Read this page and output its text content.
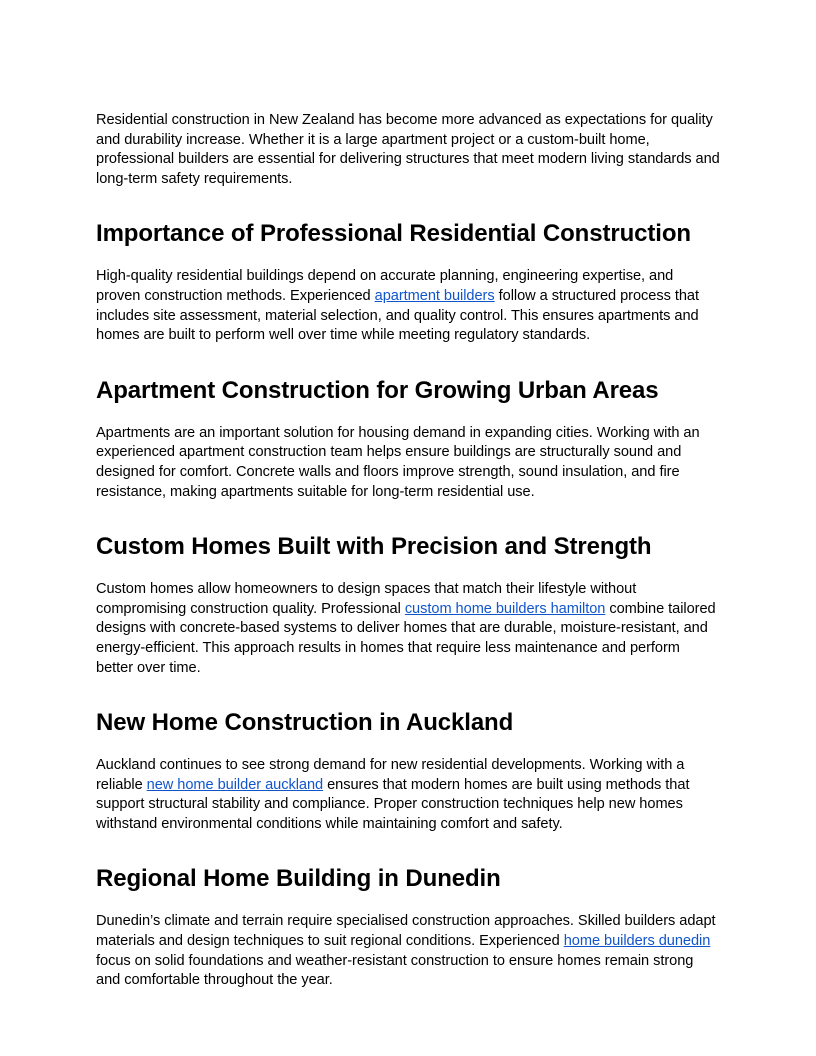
Residential construction in New Zealand has become more advanced as expectations for quality and durability increase. Whether it is a large apartment project or a custom-built home, professional builders are essential for delivering structures that meet modern living standards and long-term safety requirements.

Importance of Professional Residential Construction

High-quality residential buildings depend on accurate planning, engineering expertise, and proven construction methods. Experienced apartment builders follow a structured process that includes site assessment, material selection, and quality control. This ensures apartments and homes are built to perform well over time while meeting regulatory standards.

Apartment Construction for Growing Urban Areas

Apartments are an important solution for housing demand in expanding cities. Working with an experienced apartment construction team helps ensure buildings are structurally sound and designed for comfort. Concrete walls and floors improve strength, sound insulation, and fire resistance, making apartments suitable for long-term residential use.

Custom Homes Built with Precision and Strength

Custom homes allow homeowners to design spaces that match their lifestyle without compromising construction quality. Professional custom home builders hamilton combine tailored designs with concrete-based systems to deliver homes that are durable, moisture-resistant, and energy-efficient. This approach results in homes that require less maintenance and perform better over time.

New Home Construction in Auckland

Auckland continues to see strong demand for new residential developments. Working with a reliable new home builder auckland ensures that modern homes are built using methods that support structural stability and compliance. Proper construction techniques help new homes withstand environmental conditions while maintaining comfort and safety.

Regional Home Building in Dunedin

Dunedin’s climate and terrain require specialised construction approaches. Skilled builders adapt materials and design techniques to suit regional conditions. Experienced home builders dunedin focus on solid foundations and weather-resistant construction to ensure homes remain strong and comfortable throughout the year.
